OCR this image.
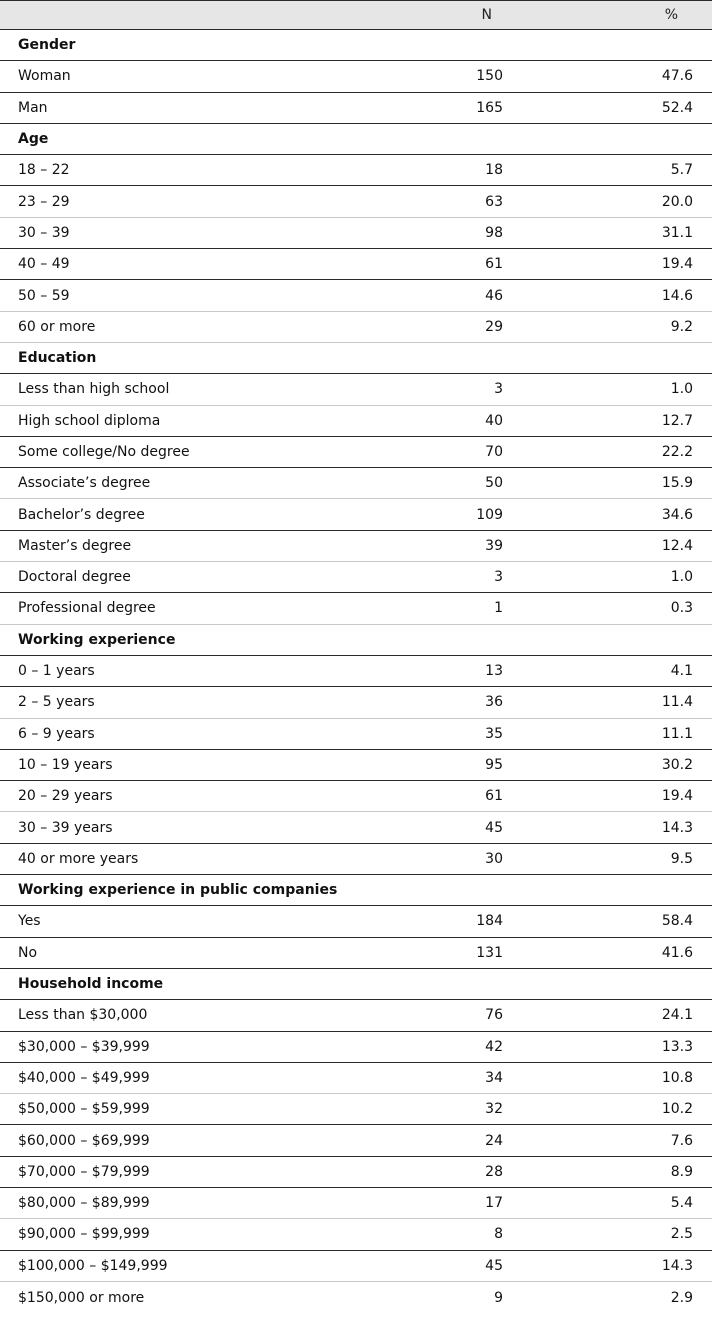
N	%
Gender
Woman	150	47.6
Man	165	52.4
Age
18 – 22	18	5.7
23 – 29	63	20.0
30 – 39	98	31.1
40 – 49	61	19.4
50 – 59	46	14.6
60 or more	29	9.2
Education
Less than high school	3	1.0
High school diploma	40	12.7
Some college/No degree	70	22.2
Associate’s degree	50	15.9
Bachelor’s degree	109	34.6
Master’s degree	39	12.4
Doctoral degree	3	1.0
Professional degree	1	0.3
Working experience
0 – 1 years	13	4.1
2 – 5 years	36	11.4
6 – 9 years	35	11.1
10 – 19 years	95	30.2
20 – 29 years	61	19.4
30 – 39 years	45	14.3
40 or more years	30	9.5
Working experience in public companies
Yes	184	58.4
No	131	41.6
Household income
Less than $30,000	76	24.1
$30,000 – $39,999	42	13.3
$40,000 – $49,999	34	10.8
$50,000 – $59,999	32	10.2
$60,000 – $69,999	24	7.6
$70,000 – $79,999	28	8.9
$80,000 – $89,999	17	5.4
$90,000 – $99,999	8	2.5
$100,000 – $149,999	45	14.3
$150,000 or more	9	2.9
